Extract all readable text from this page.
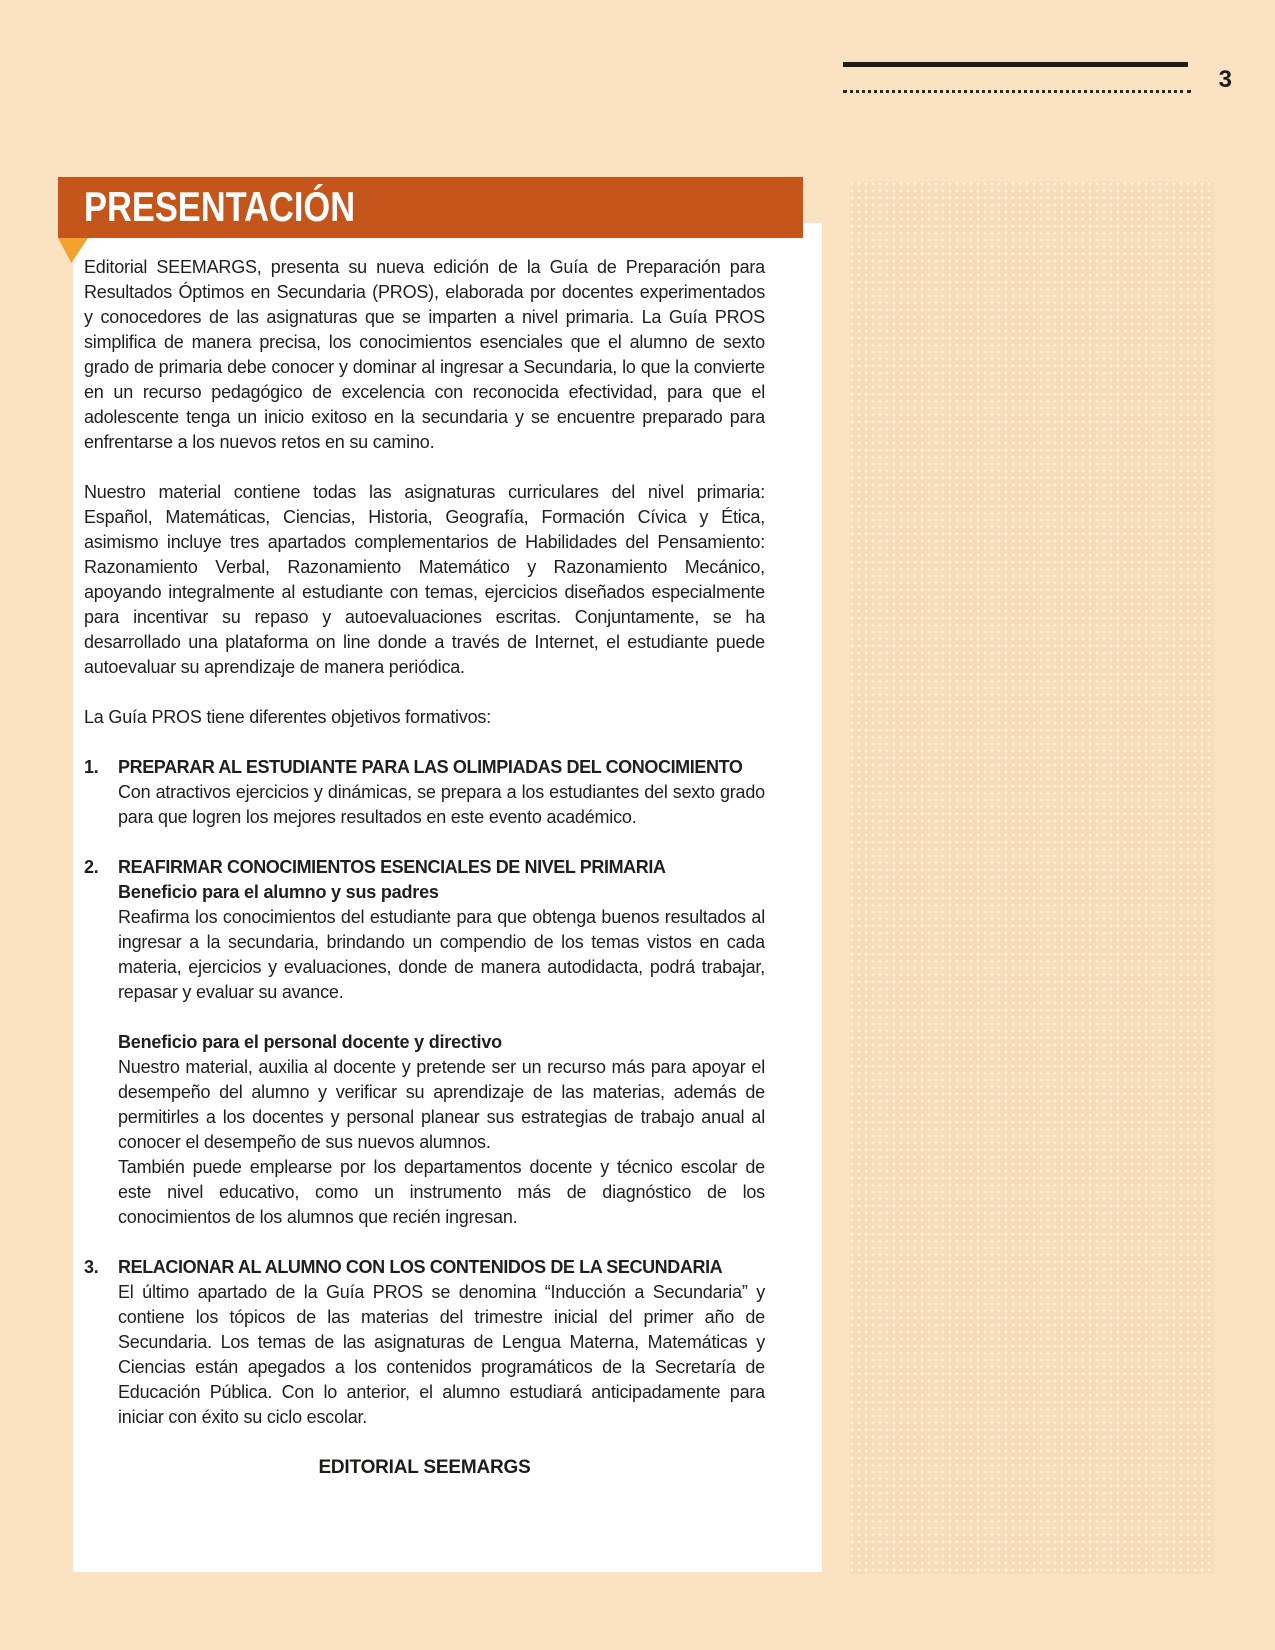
3

Editorial SEEMARGS, presenta su nueva edición de la Guía de Preparación para Resultados Óptimos en Secundaria (PROS), elaborada por docentes experimentados y conocedores de las asignaturas que se imparten a nivel primaria. La Guía PROS simplifica de manera precisa, los conocimientos esenciales que el alumno de sexto grado de primaria debe conocer y dominar al ingresar a Secundaria, lo que la convierte en un recurso pedagógico de excelencia con reconocida efectividad, para que el adolescente tenga un inicio exitoso en la secundaria y se encuentre preparado para enfrentarse a los nuevos retos en su camino.

Nuestro material contiene todas las asignaturas curriculares del nivel primaria: Español, Matemáticas, Ciencias, Historia, Geografía, Formación Cívica y Ética, asimismo incluye tres apartados complementarios de Habilidades del Pensamiento: Razonamiento Verbal, Razonamiento Matemático y Razonamiento Mecánico, apoyando integralmente al estudiante con temas, ejercicios diseñados especialmente para incentivar su repaso y autoevaluaciones escritas. Conjuntamente, se ha desarrollado una plataforma on line donde a través de Internet, el estudiante puede autoevaluar su aprendizaje de manera periódica.

La Guía PROS tiene diferentes objetivos formativos:

1. PREPARAR AL ESTUDIANTE PARA LAS OLIMPIADAS DEL CONOCIMIENTO

Con atractivos ejercicios y dinámicas, se prepara a los estudiantes del sexto grado para que logren los mejores resultados en este evento académico.

2. REAFIRMAR CONOCIMIENTOS ESENCIALES DE NIVEL PRIMARIA
Beneficio para el alumno y sus padres

Reafirma los conocimientos del estudiante para que obtenga buenos resultados al ingresar a la secundaria, brindando un compendio de los temas vistos en cada materia, ejercicios y evaluaciones, donde de manera autodidacta, podrá trabajar, repasar y evaluar su avance.

Beneficio para el personal docente y directivo

Nuestro material, auxilia al docente y pretende ser un recurso más para apoyar el desempeño del alumno y verificar su aprendizaje de las materias, además de permitirles a los docentes y personal planear sus estrategias de trabajo anual al conocer el desempeño de sus nuevos alumnos.

También puede emplearse por los departamentos docente y técnico escolar de este nivel educativo, como un instrumento más de diagnóstico de los conocimientos de los alumnos que recién ingresan.

3. RELACIONAR AL ALUMNO CON LOS CONTENIDOS DE LA SECUNDARIA

El último apartado de la Guía PROS se denomina “Inducción a Secundaria” y contiene los tópicos de las materias del trimestre inicial del primer año de Secundaria. Los temas de las asignaturas de Lengua Materna, Matemáticas y Ciencias están apegados a los contenidos programáticos de la Secretaría de Educación Pública. Con lo anterior, el alumno estudiará anticipadamente para iniciar con éxito su ciclo escolar.

EDITORIAL SEEMARGS
PRESENTACIÓN
